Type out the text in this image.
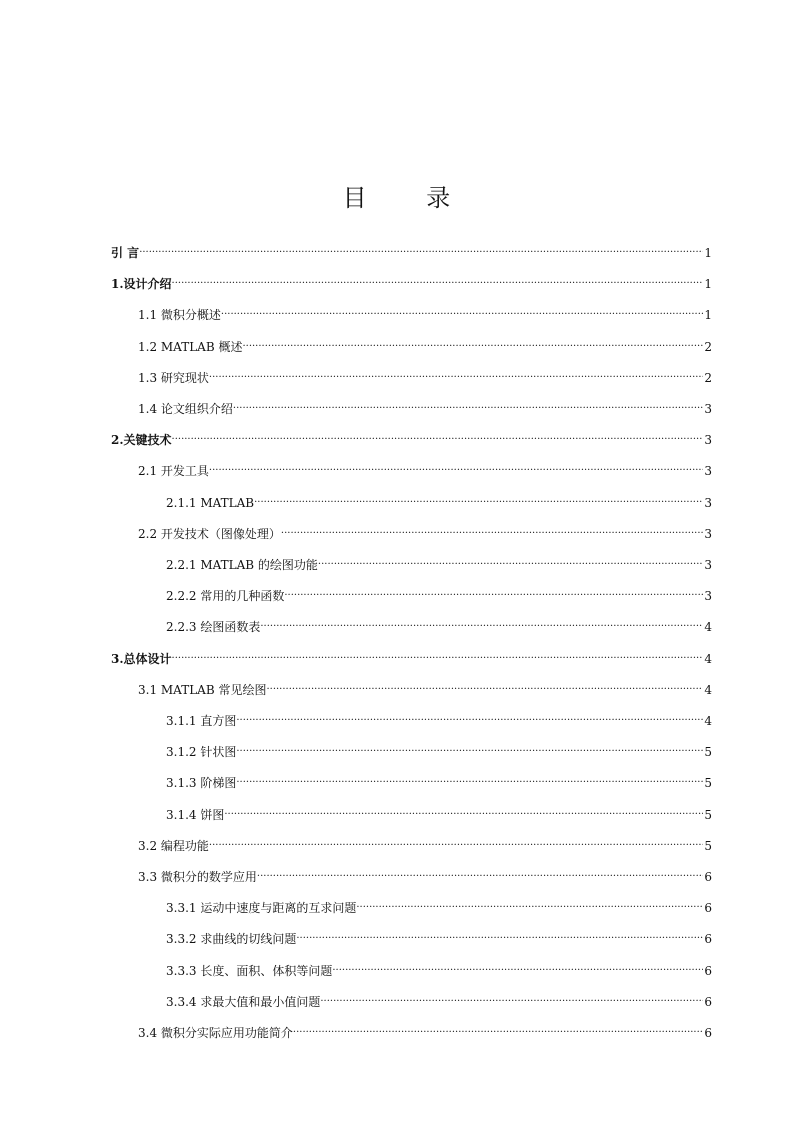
目 录
引 言 ·····	1
1.设计介绍 ·····	1
1.1 微积分概述 ·····	1
1.2 MATLAB 概述 ·····	2
1.3 研究现状 ·····	2
1.4 论文组织介绍 ·····	3
2.关键技术 ·····	3
2.1 开发工具 ·····	3
2.1.1 MATLAB ·····	3
2.2 开发技术（图像处理） ·····	3
2.2.1 MATLAB 的绘图功能 ·····	3
2.2.2 常用的几种函数 ·····	3
2.2.3 绘图函数表 ·····	4
3.总体设计 ·····	4
3.1 MATLAB 常见绘图 ·····	4
3.1.1 直方图 ·····	4
3.1.2 针状图 ·····	5
3.1.3 阶梯图 ·····	5
3.1.4 饼图 ·····	5
3.2 编程功能 ·····	5
3.3 微积分的数学应用 ·····	6
3.3.1 运动中速度与距离的互求问题 ·····	6
3.3.2 求曲线的切线问题 ·····	6
3.3.3 长度、面积、体积等问题 ·····	6
3.3.4 求最大值和最小值问题 ·····	6
3.4 微积分实际应用功能简介 ·····	6
